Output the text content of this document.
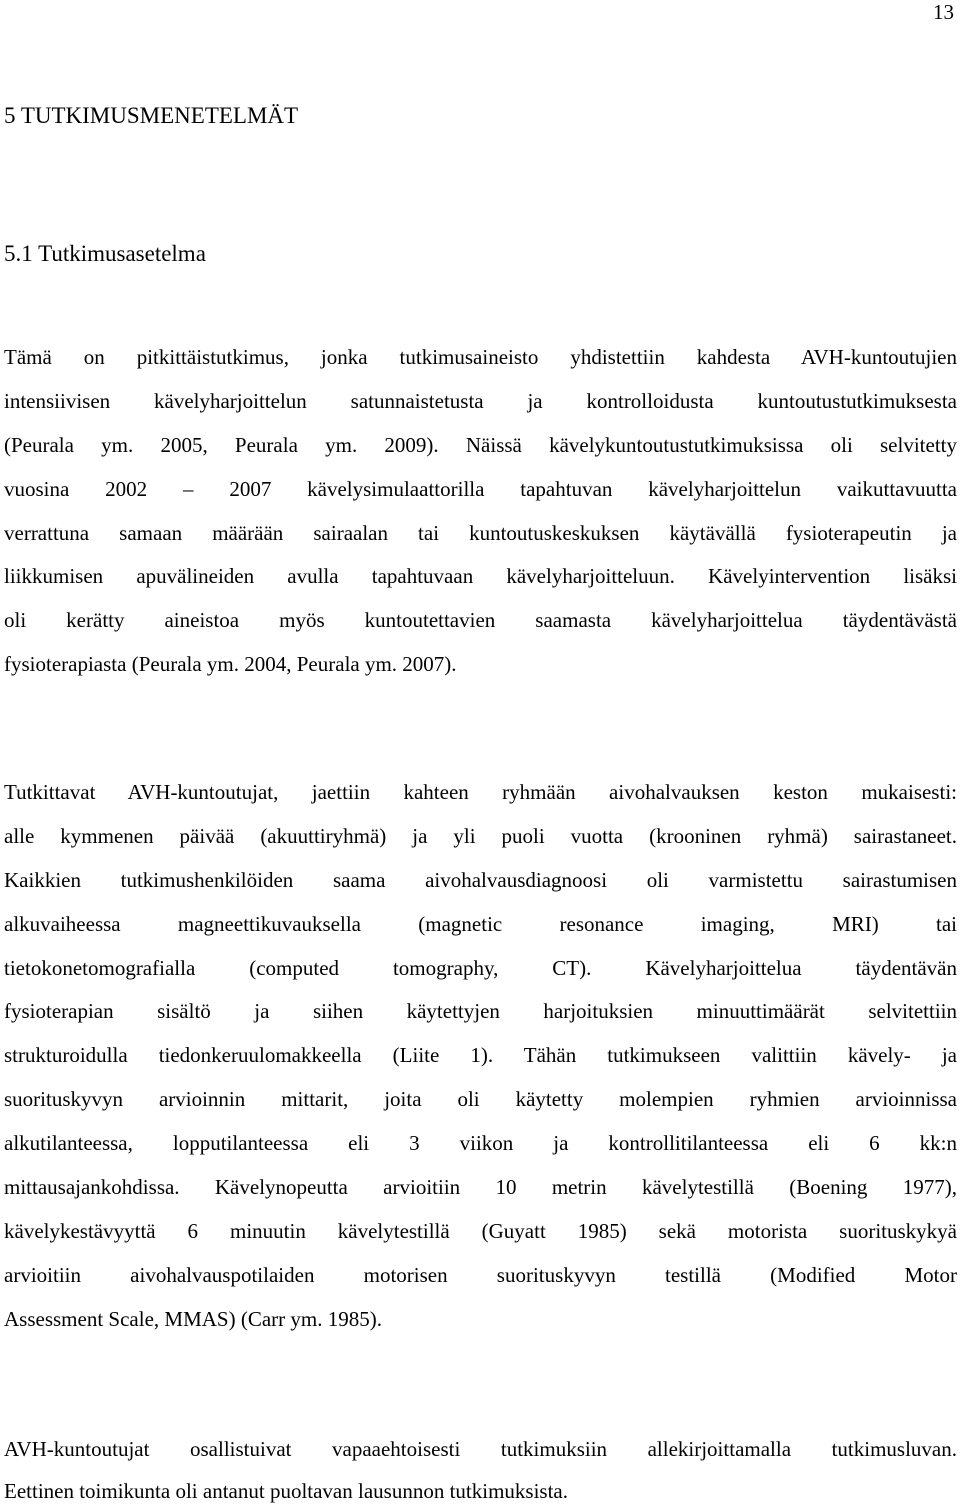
13
5 TUTKIMUSMENETELMÄT
5.1 Tutkimusasetelma
Tämä on pitkittäistutkimus, jonka tutkimusaineisto yhdistettiin kahdesta AVH-kuntoutujien
intensiivisen kävelyharjoittelun satunnaistetusta ja kontrolloidusta kuntoutustutkimuksesta
(Peurala ym. 2005, Peurala ym. 2009). Näissä kävelykuntoutustutkimuksissa oli selvitetty
vuosina 2002 – 2007 kävelysimulaattorilla tapahtuvan kävelyharjoittelun vaikuttavuutta
verrattuna samaan määrään sairaalan tai kuntoutuskeskuksen käytävällä fysioterapeutin ja
liikkumisen apuvälineiden avulla tapahtuvaan kävelyharjoitteluun. Kävelyintervention lisäksi
oli kerätty aineistoa myös kuntoutettavien saamasta kävelyharjoittelua täydentävästä
fysioterapiasta (Peurala ym. 2004, Peurala ym. 2007).
Tutkittavat AVH-kuntoutujat, jaettiin kahteen ryhmään aivohalvauksen keston mukaisesti:
alle kymmenen päivää (akuuttiryhmä) ja yli puoli vuotta (krooninen ryhmä) sairastaneet.
Kaikkien tutkimushenkilöiden saama aivohalvausdiagnoosi oli varmistettu sairastumisen
alkuvaiheessa magneettikuvauksella (magnetic resonance imaging, MRI) tai
tietokonetomografialla (computed tomography, CT). Kävelyharjoittelua täydentävän
fysioterapian sisältö ja siihen käytettyjen harjoituksien minuuttimäärät selvitettiin
strukturoidulla tiedonkeruulomakkeella (Liite 1). Tähän tutkimukseen valittiin kävely- ja
suorituskyvyn arvioinnin mittarit, joita oli käytetty molempien ryhmien arvioinnissa
alkutilanteessa, lopputilanteessa eli 3 viikon ja kontrollitilanteessa eli 6 kk:n
mittausajankohdissa. Kävelynopeutta arvioitiin 10 metrin kävelytestillä (Boening 1977),
kävelykestävyyttä 6 minuutin kävelytestillä (Guyatt 1985) sekä motorista suorituskykyä
arvioitiin aivohalvauspotilaiden motorisen suorituskyvyn testillä (Modified Motor
Assessment Scale, MMAS) (Carr ym. 1985).
AVH-kuntoutujat osallistuivat vapaaehtoisesti tutkimuksiin allekirjoittamalla tutkimusluvan.
Eettinen toimikunta oli antanut puoltavan lausunnon tutkimuksista.
